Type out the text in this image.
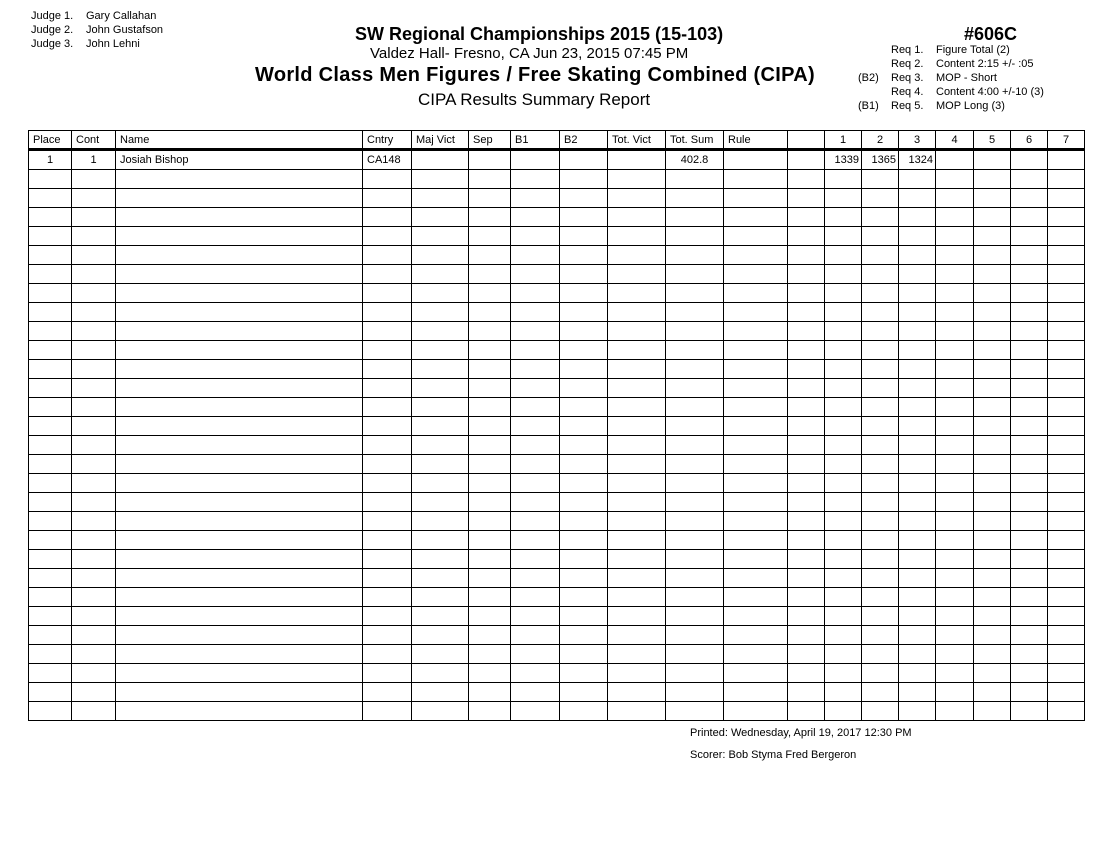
Judge 1. Gary Callahan
Judge 2. John Gustafson
Judge 3. John Lehni	SW Regional Championships 2015 (15-103)
Valdez Hall- Fresno, CA Jun 23, 2015 07:45 PM
World Class Men Figures / Free Skating Combined (CIPA)
CIPA Results Summary Report
#606C
Req 1. Figure Total (2)
Req 2. Content 2:15 +/- :05
(B2) Req 3. MOP - Short
Req 4. Content 4:00 +/-10 (3)
(B1) Req 5. MOP Long (3)
Place	Cont	Name	Cntry	Maj Vict	Sep	B1	B2	Tot. Vict	Tot. Sum	Rule		1	2	3	4	5	6	7
1	1	Josiah Bishop	CA148						402.8			1339	1365	1324				

Printed: Wednesday, April 19, 2017 12:30 PM
Scorer: Bob Styma Fred Bergeron
